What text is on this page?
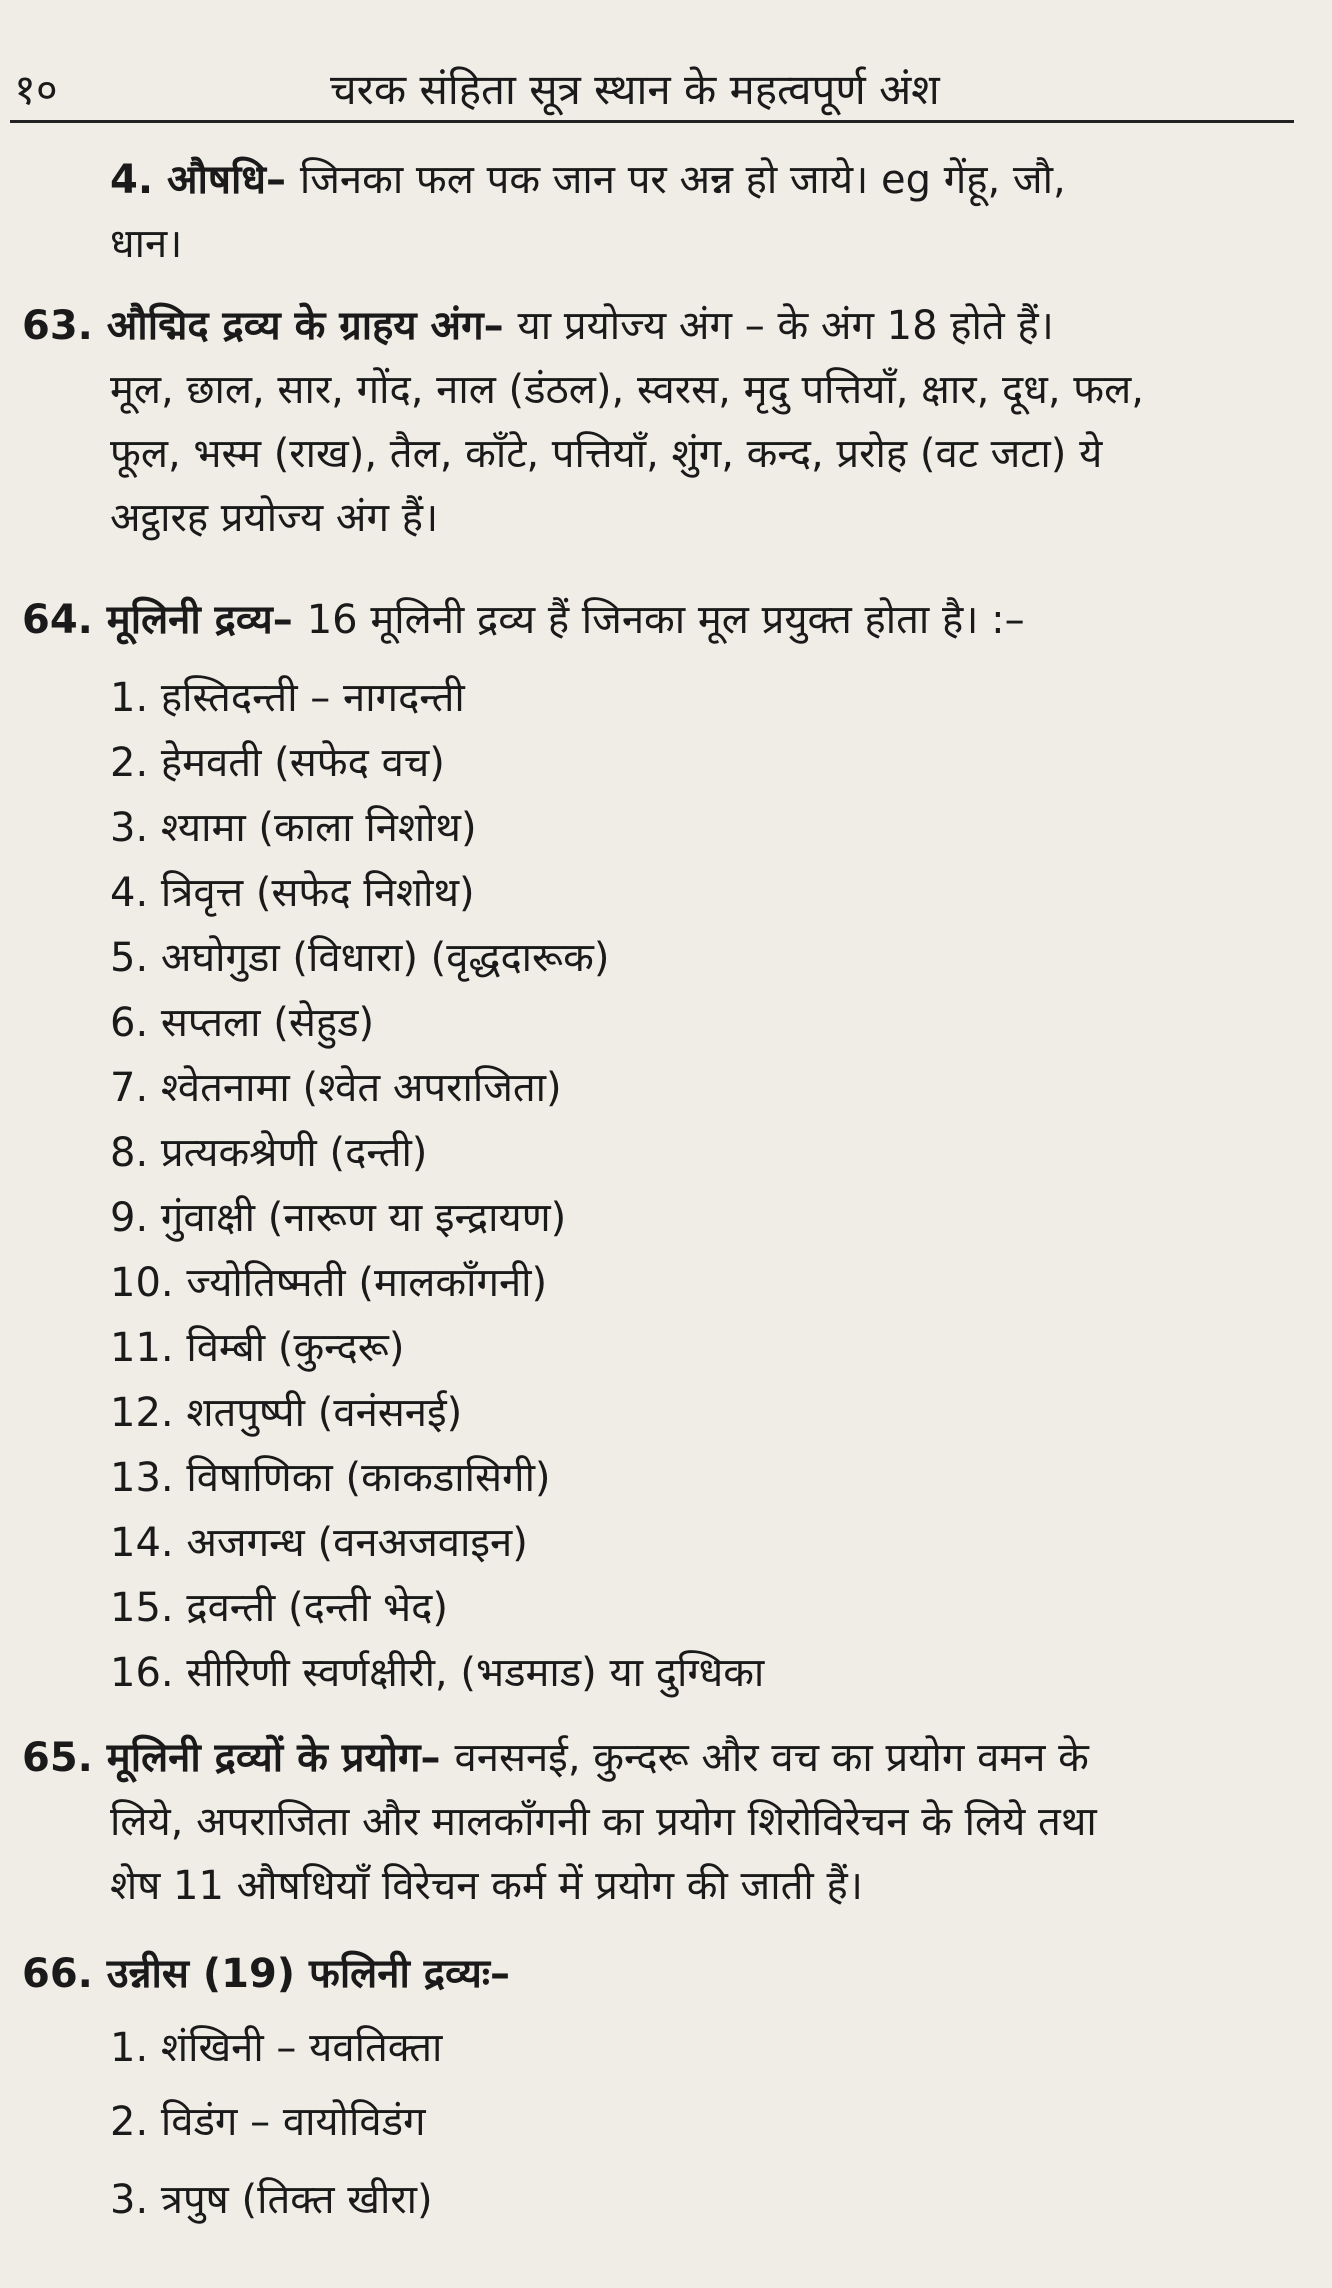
१०	चरक संहिता सूत्र स्थान के महत्वपूर्ण अंश
4. औषधि– जिनका फल पक जान पर अन्न हो जाये। eg गेंहू, जौ,
धान।
63. औद्मिद द्रव्य के ग्राहय अंग– या प्रयोज्य अंग – के अंग 18 होते हैं।
मूल, छाल, सार, गोंद, नाल (डंठल), स्वरस, मृदु पत्तियाँ, क्षार, दूध, फल,
फूल, भस्म (राख), तैल, काँटे, पत्तियाँ, शुंग, कन्द, प्ररोह (वट जटा) ये
अट्ठारह प्रयोज्य अंग हैं।
64. मूलिनी द्रव्य– 16 मूलिनी द्रव्य हैं जिनका मूल प्रयुक्त होता है। :–
1. हस्तिदन्ती – नागदन्ती
2. हेमवती (सफेद वच)
3. श्यामा (काला निशोथ)
4. त्रिवृत्त (सफेद निशोथ)
5. अघोगुडा (विधारा) (वृद्धदारूक)
6. सप्तला (सेहुड)
7. श्वेतनामा (श्वेत अपराजिता)
8. प्रत्यकश्रेणी (दन्ती)
9. गुंवाक्षी (नारूण या इन्द्रायण)
10. ज्योतिष्मती (मालकाँगनी)
11. विम्बी (कुन्दरू)
12. शतपुष्पी (वनंसनई)
13. विषाणिका (काकडासिगी)
14. अजगन्ध (वनअजवाइन)
15. द्रवन्ती (दन्ती भेद)
16. सीरिणी स्वर्णक्षीरी, (भडमाड) या दुग्धिका
65. मूलिनी द्रव्यों के प्रयोग– वनसनई, कुन्दरू और वच का प्रयोग वमन के
लिये, अपराजिता और मालकाँगनी का प्रयोग शिरोविरेचन के लिये तथा
शेष 11 औषधियाँ विरेचन कर्म में प्रयोग की जाती हैं।
66. उन्नीस (19) फलिनी द्रव्यः–
1. शंखिनी – यवतिक्ता
2. विडंग – वायोविडंग
3. त्रपुष (तिक्त खीरा)
